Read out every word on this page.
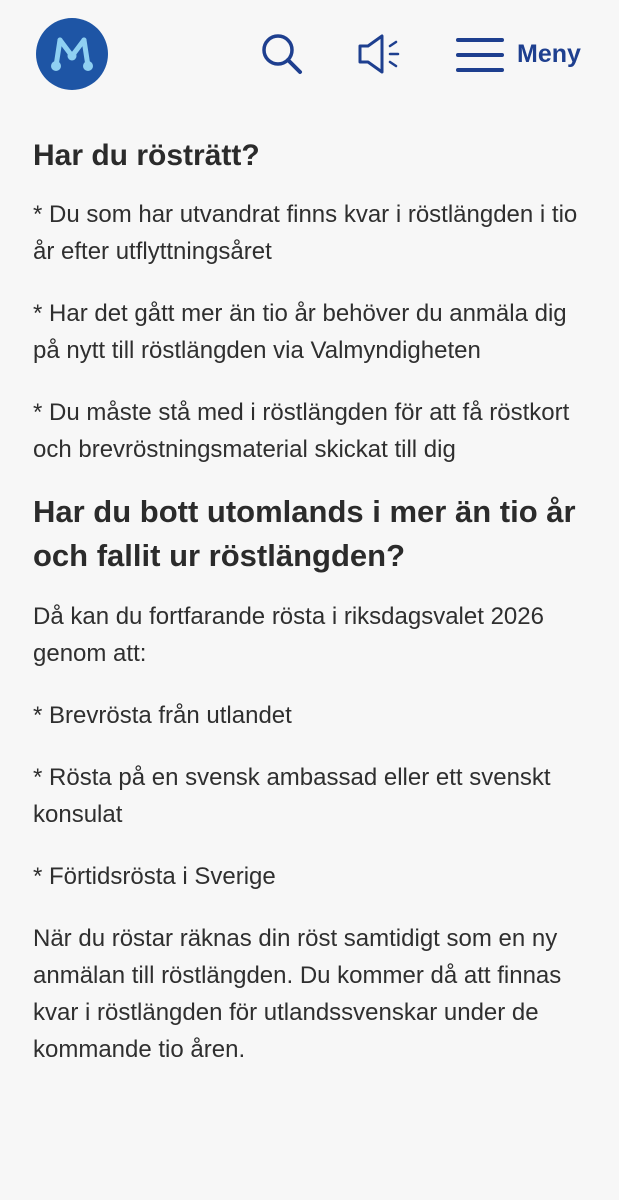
Meny
Har du rösträtt?

* Du som har utvandrat finns kvar i röstlängden i tio år efter utflyttningsåret

* Har det gått mer än tio år behöver du anmäla dig på nytt till röstlängden via Valmyndigheten

* Du måste stå med i röstlängden för att få röstkort och brevröstningsmaterial skickat till dig

Har du bott utomlands i mer än tio år och fallit ur röstlängden?

Då kan du fortfarande rösta i riksdagsvalet 2026 genom att:

* Brevrösta från utlandet

* Rösta på en svensk ambassad eller ett svenskt konsulat

* Förtidsrösta i Sverige

När du röstar räknas din röst samtidigt som en ny anmälan till röstlängden. Du kommer då att finnas kvar i röstlängden för utlandssvenskar under de kommande tio åren.
